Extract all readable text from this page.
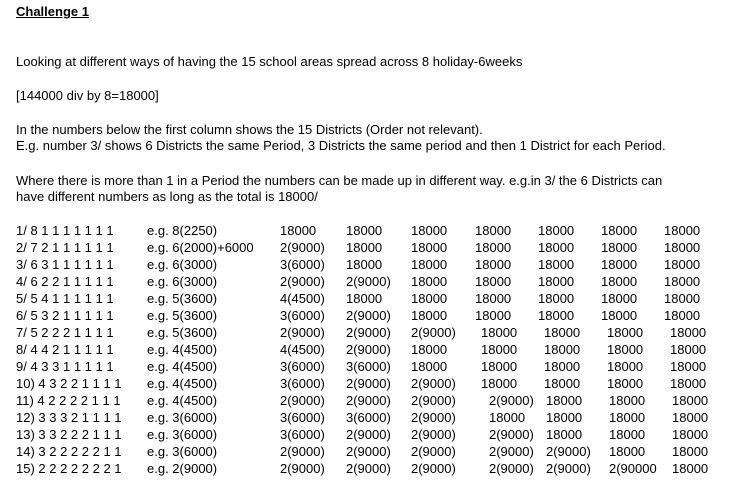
Challenge 1
Looking at different ways of having the 15 school areas spread across 8 holiday-6weeks
[144000 div by 8=18000]
In the numbers below the first column shows the 15 Districts (Order not relevant).
E.g. number 3/ shows 6 Districts the same Period, 3 Districts the same period and then 1 District for each Period.
Where there is more than 1 in a Period the numbers can be made up in different way. e.g.in 3/ the 6 Districts can
have different numbers as long as the total is 18000/
1/ 8 1 1 1 1 1 1 1	e.g. 8(2250)	18000 18000 18000 18000 18000 18000 18000
2/ 7 2 1 1 1 1 1 1	e.g. 6(2000)+6000 2(9000) 18000 18000 18000 18000 18000 18000
3/ 6 3 1 1 1 1 1 1	e.g. 6(3000)	3(6000) 18000 18000 18000 18000 18000 18000
4/ 6 2 2 1 1 1 1 1	e.g. 6(3000)	2(9000) 2(9000) 18000 18000 18000 18000 18000
5/ 5 4 1 1 1 1 1 1	e.g. 5(3600)	4(4500) 18000 18000 18000 18000 18000 18000
6/ 5 3 2 1 1 1 1 1	e.g. 5(3600)	3(6000) 2(9000) 18000 18000 18000 18000 18000
7/ 5 2 2 2 1 1 1 1	e.g. 5(3600)	2(9000) 2(9000) 2(9000) 18000 18000 18000 18000
8/ 4 4 2 1 1 1 1 1	e.g. 4(4500)	4(4500) 2(9000) 18000	18000 18000 18000 18000
9/ 4 3 3 1 1 1 1 1	e.g. 4(4500)	3(6000) 3(6000) 18000	18000 18000 18000 18000
10) 4 3 2 2 1 1 1 1 e.g. 4(4500)	3(6000) 2(9000) 2(9000) 18000 18000 18000 18000
11) 4 2 2 2 2 1 1 1 e.g. 4(4500)	2(9000) 2(9000) 2(9000)	2(9000) 18000 18000 18000
12) 3 3 3 2 1 1 1 1 e.g. 3(6000)	3(6000) 3(6000) 2(9000)	18000 18000 18000 18000
13) 3 3 2 2 2 1 1 1 e.g. 3(6000)	3(6000) 2(9000) 2(9000)	2(9000) 18000 18000 18000
14) 3 2 2 2 2 2 1 1 e.g. 3(6000)	2(9000) 2(9000) 2(9000)	2(9000) 2(9000) 18000 18000
15) 2 2 2 2 2 2 2 1 e.g. 2(9000)	2(9000) 2(9000) 2(9000)	2(9000) 2(9000) 2(90000 18000
